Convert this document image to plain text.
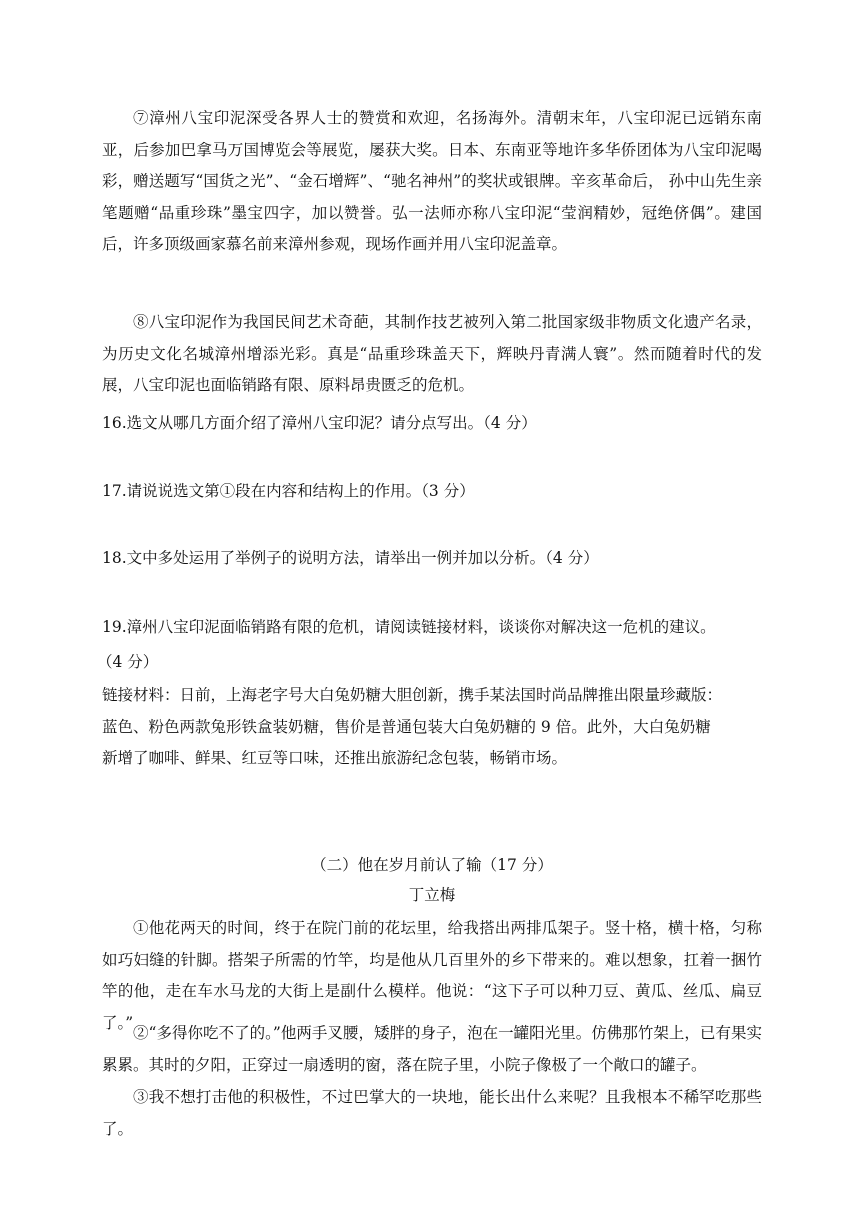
⑦漳州八宝印泥深受各界人士的赞赏和欢迎，名扬海外。清朝末年，八宝印泥已远销东南亚，后参加巴拿马万国博览会等展览，屡获大奖。日本、东南亚等地许多华侨团体为八宝印泥喝彩，赠送题写“国货之光”、“金石增辉”、“驰名神州”的奖状或银牌。辛亥革命后， 孙中山先生亲笔题赠“品重珍珠”墨宝四字，加以赞誉。弘一法师亦称八宝印泥“莹润精妙，冠绝侪偶”。建国后，许多顶级画家慕名前来漳州参观，现场作画并用八宝印泥盖章。

⑧八宝印泥作为我国民间艺术奇葩，其制作技艺被列入第二批国家级非物质文化遗产名录，为历史文化名城漳州增添光彩。真是“品重珍珠盖天下，辉映丹青满人寰”。然而随着时代的发展，八宝印泥也面临销路有限、原料昂贵匮乏的危机。

16.选文从哪几方面介绍了漳州八宝印泥？请分点写出。（4 分）

17.请说说选文第①段在内容和结构上的作用。（3 分）

18.文中多处运用了举例子的说明方法，请举出一例并加以分析。（4 分）

19.漳州八宝印泥面临销路有限的危机，请阅读链接材料，谈谈你对解决这一危机的建议。

（4 分）

链接材料：日前，上海老字号大白兔奶糖大胆创新，携手某法国时尚品牌推出限量珍藏版：蓝色、粉色两款兔形铁盒装奶糖，售价是普通包装大白兔奶糖的 9 倍。此外，大白兔奶糖新增了咖啡、鲜果、红豆等口味，还推出旅游纪念包装，畅销市场。

（二）他在岁月前认了输（17 分）

丁立梅

①他花两天的时间，终于在院门前的花坛里，给我搭出两排瓜架子。竖十格，横十格，匀称如巧妇缝的针脚。搭架子所需的竹竿，均是他从几百里外的乡下带来的。难以想象，扛着一捆竹竿的他，走在车水马龙的大街上是副什么模样。他说：“这下子可以种刀豆、黄瓜、丝瓜、扁豆了。”

②“多得你吃不了的。”他两手叉腰，矮胖的身子，泡在一罐阳光里。仿佛那竹架上，已有果实累累。其时的夕阳，正穿过一扇透明的窗，落在院子里，小院子像极了一个敞口的罐子。

③我不想打击他的积极性，不过巴掌大的一块地，能长出什么来呢？且我根本不稀罕吃那些了。
